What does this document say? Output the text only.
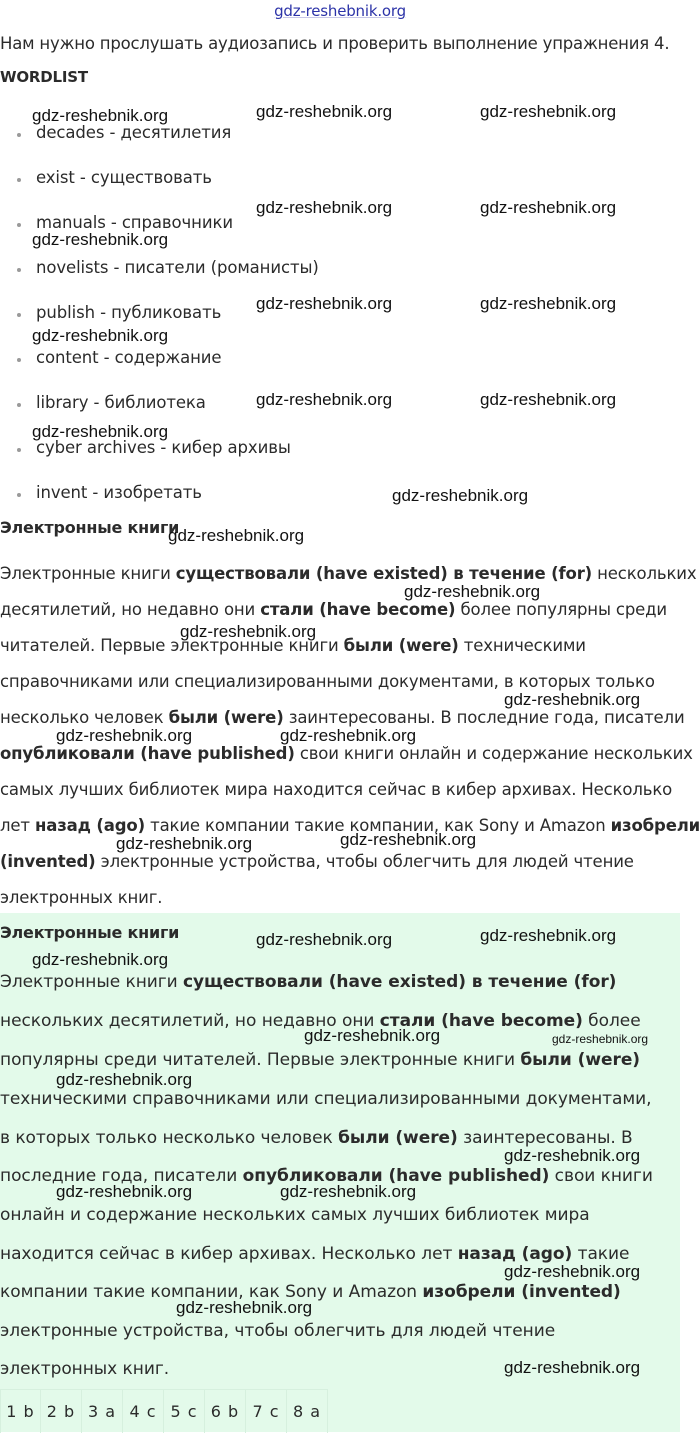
gdz-reshebnik.org
Нам нужно прослушать аудиозапись и проверить выполнение упражнения 4.
WORDLIST
decades - десятилетия
exist - существовать
manuals - справочники
novelists - писатели (романисты)
publish - публиковать
content - содержание
library - библиотека
cyber archives - кибер архивы
invent - изобретать
Электронные книги
Электронные книги существовали (have existed) в течение (for) нескольких
десятилетий, но недавно они стали (have become) более популярны среди
читателей. Первые электронные книги были (were) техническими
справочниками или специализированными документами, в которых только
несколько человек были (were) заинтересованы. В последние года, писатели
опубликовали (have published) свои книги онлайн и содержание нескольких
самых лучших библиотек мира находится сейчас в кибер архивах. Несколько
лет назад (ago) такие компании такие компании, как Sony и Amazon изобрели
(invented) электронные устройства, чтобы облегчить для людей чтение
электронных книг.
Электронные книги
Электронные книги существовали (have existed) в течение (for)
нескольких десятилетий, но недавно они стали (have become) более
популярны среди читателей. Первые электронные книги были (were)
техническими справочниками или специализированными документами,
в которых только несколько человек были (were) заинтересованы. В
последние года, писатели опубликовали (have published) свои книги
онлайн и содержание нескольких самых лучших библиотек мира
находится сейчас в кибер архивах. Несколько лет назад (ago) такие
компании такие компании, как Sony и Amazon изобрели (invented)
электронные устройства, чтобы облегчить для людей чтение
электронных книг.
1 b 2 b 3 a 4 c 5 c 6 b 7 c 8 a
gdz-reshebnik.org	gdz-reshebnik.org	gdz-reshebnik.org
gdz-reshebnik.org	gdz-reshebnik.org
gdz-reshebnik.org
gdz-reshebnik.org	gdz-reshebnik.org
gdz-reshebnik.org
gdz-reshebnik.org	gdz-reshebnik.org
gdz-reshebnik.org
gdz-reshebnik.org
gdz-reshebnik.org
gdz-reshebnik.org
gdz-reshebnik.org
gdz-reshebnik.org
gdz-reshebnik.org	gdz-reshebnik.org
gdz-reshebnik.org	gdz-reshebnik.org
gdz-reshebnik.org	gdz-reshebnik.org
gdz-reshebnik.org
gdz-reshebnik.org
gdz-reshebnik.org
gdz-reshebnik.org
gdz-reshebnik.org	gdz-reshebnik.org
gdz-reshebnik.org
gdz-reshebnik.org
gdz-reshebnik.org
gdz-reshebnik.org
